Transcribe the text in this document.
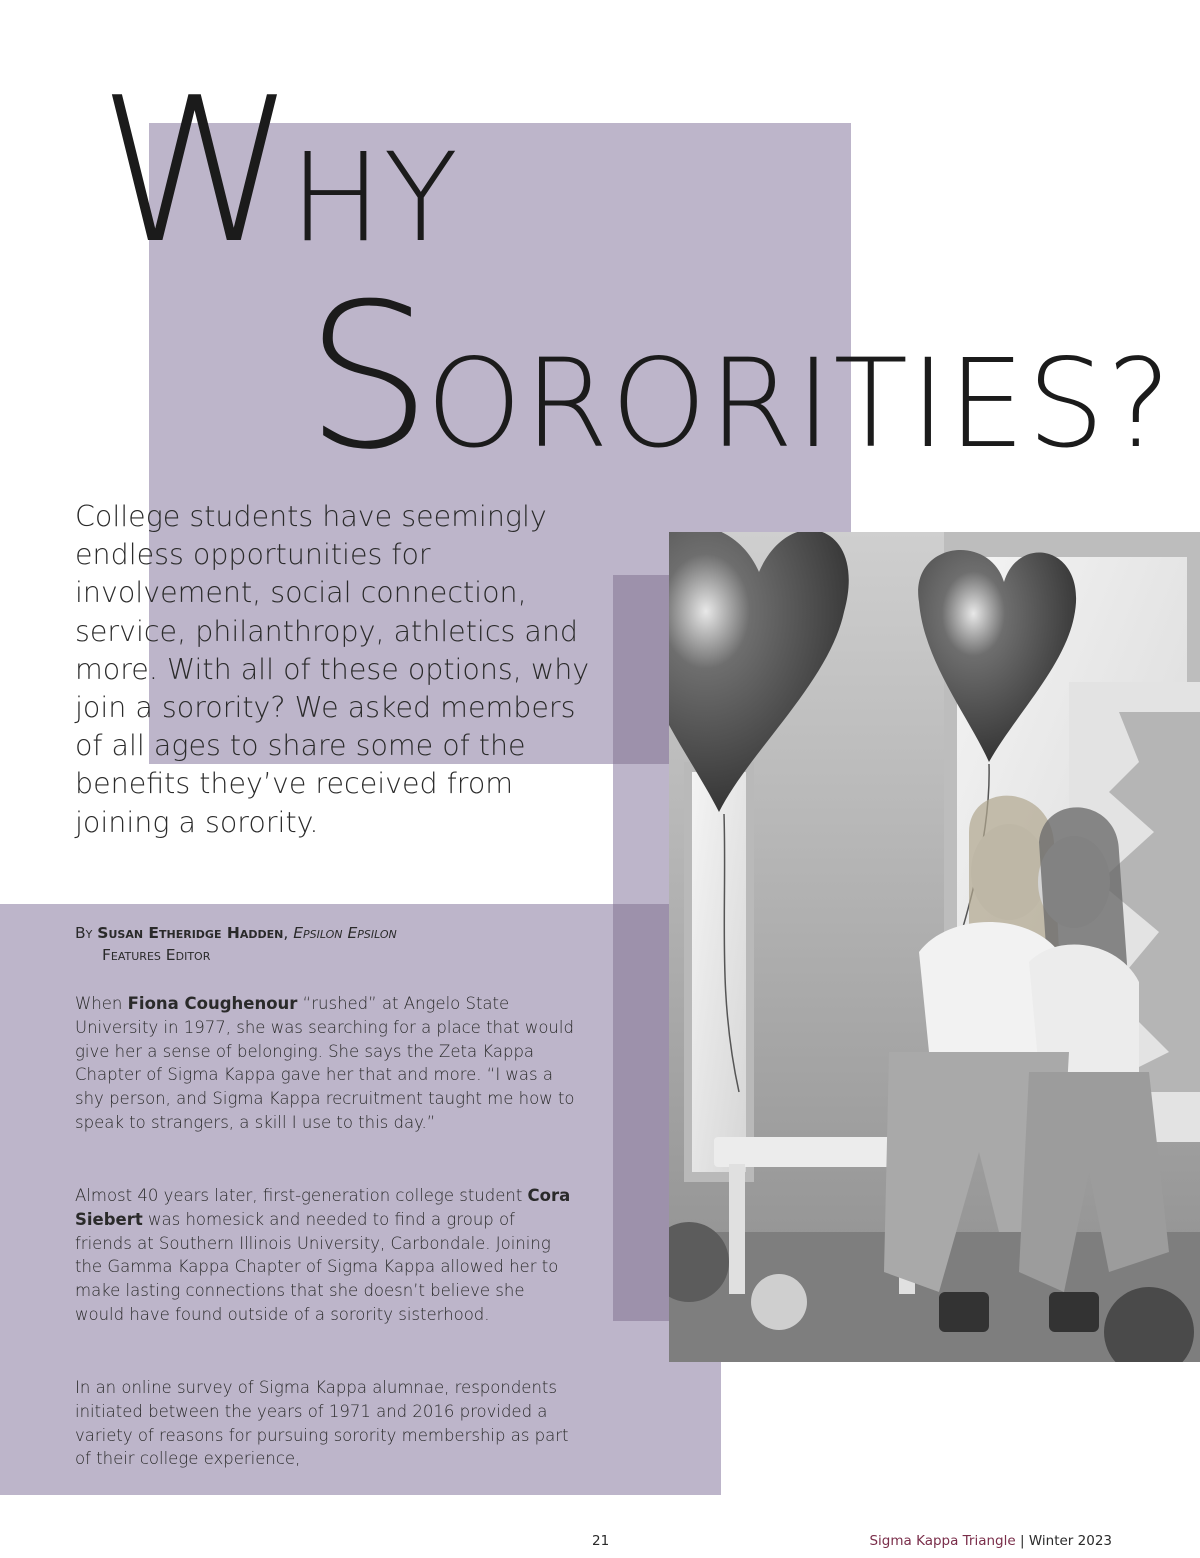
WHY
SORORITIES?

College students have seemingly endless opportunities for involvement, social connection, service, philanthropy, athletics and more. With all of these options, why join a sorority? We asked members of all ages to share some of the benefits they’ve received from joining a sorority.

By Susan Etheridge Hadden, Epsilon Epsilon
Features Editor

When Fiona Coughenour “rushed” at Angelo State University in 1977, she was searching for a place that would give her a sense of belonging. She says the Zeta Kappa Chapter of Sigma Kappa gave her that and more. “I was a shy person, and Sigma Kappa recruitment taught me how to speak to strangers, a skill I use to this day.”

Almost 40 years later, first-generation college student Cora Siebert was homesick and needed to find a group of friends at Southern Illinois University, Carbondale. Joining the Gamma Kappa Chapter of Sigma Kappa allowed her to make lasting connections that she doesn’t believe she would have found outside of a sorority sisterhood.

In an online survey of Sigma Kappa alumnae, respondents initiated between the years of 1971 and 2016 provided a variety of reasons for pursuing sorority membership as part of their college experience,

21	Sigma Kappa Triangle | Winter 2023
